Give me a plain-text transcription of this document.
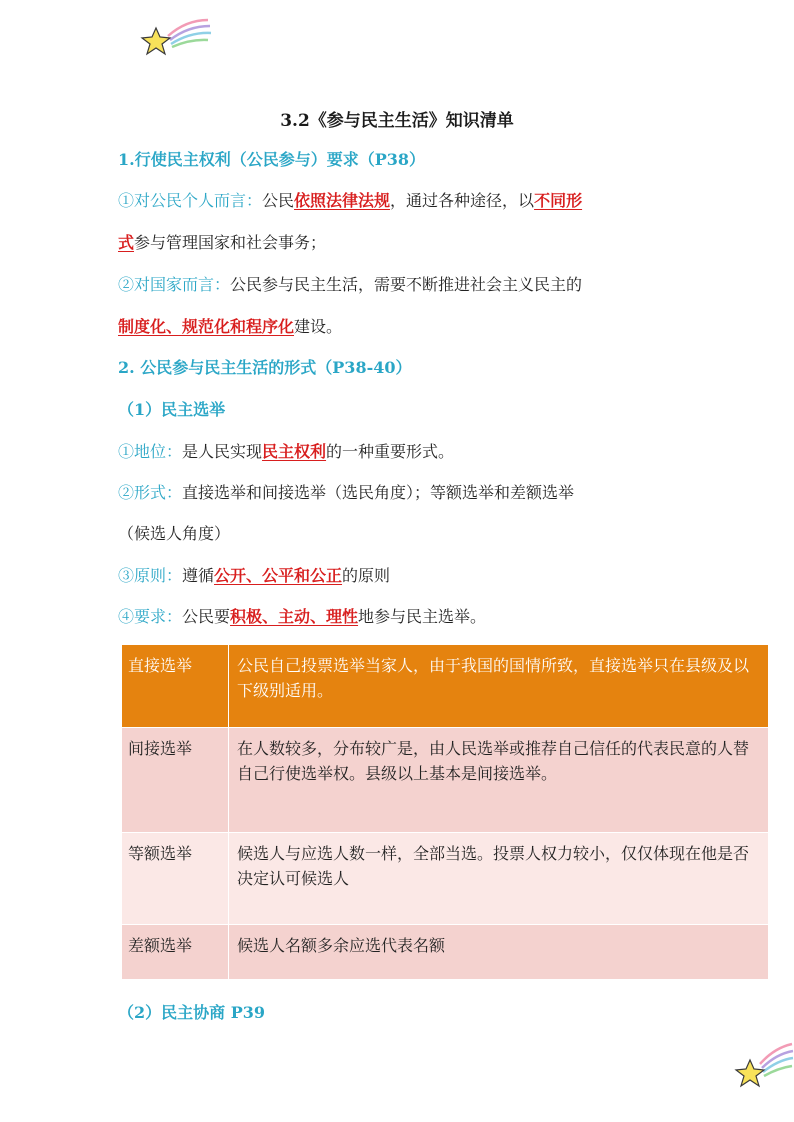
3.2《参与民主生活》知识清单
1.行使民主权利（公民参与）要求（P38）
①对公民个人而言：公民依照法律法规，通过各种途径，以不同形
式参与管理国家和社会事务；
②对国家而言：公民参与民主生活，需要不断推进社会主义民主的
制度化、规范化和程序化建设。
2. 公民参与民主生活的形式（P38-40）
（1）民主选举
①地位：是人民实现民主权利的一种重要形式。
②形式：直接选举和间接选举（选民角度）；等额选举和差额选举
（候选人角度）
③原则：遵循公开、公平和公正的原则
④要求：公民要积极、主动、理性地参与民主选举。
直接选举	公民自己投票选举当家人，由于我国的国情所致，直接选举只在县级及以下级别适用。
间接选举	在人数较多，分布较广是，由人民选举或推荐自己信任的代表民意的人替自己行使选举权。县级以上基本是间接选举。
等额选举	候选人与应选人数一样，全部当选。投票人权力较小，仅仅体现在他是否决定认可候选人
差额选举	候选人名额多余应选代表名额
（2）民主协商 P39
